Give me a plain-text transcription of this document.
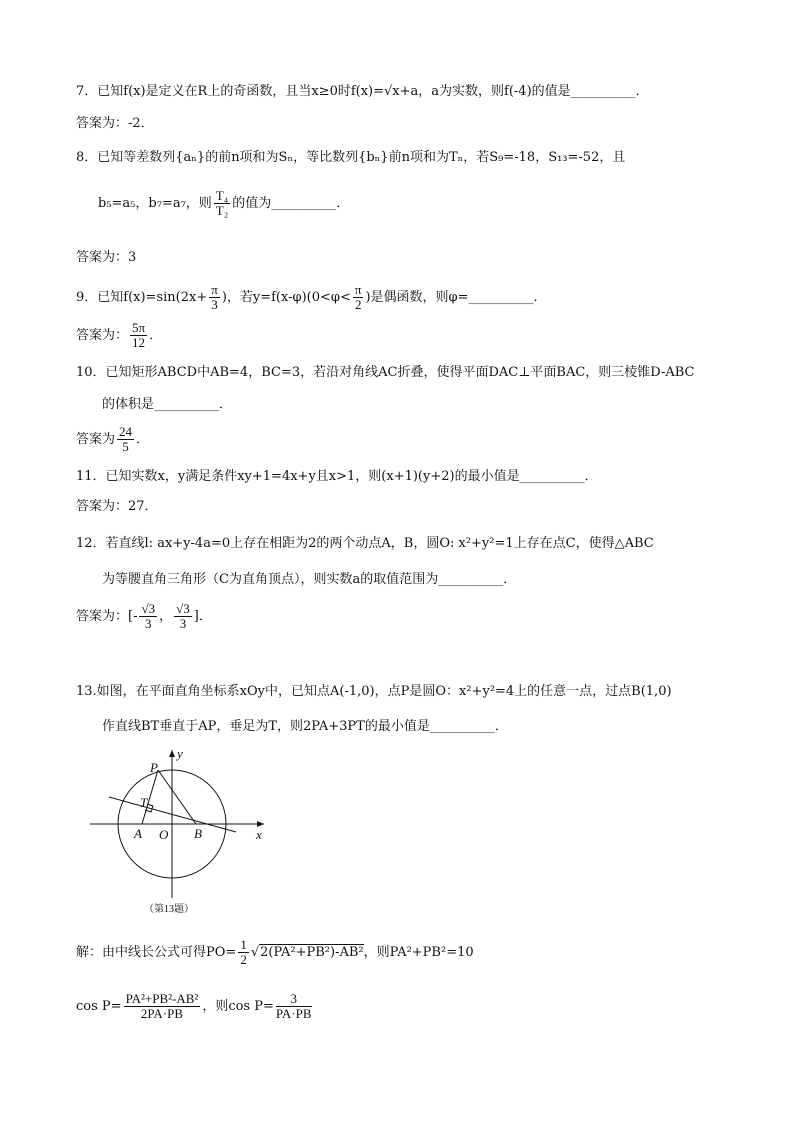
7．已知f(x)是定义在R上的奇函数，且当x≥0时f(x)=√x+a，a为实数，则f(-4)的值是__________．
答案为：-2．
8．已知等差数列{aₙ}的前n项和为Sₙ，等比数列{bₙ}前n项和为Tₙ，若S₉=-18，S₁₃=-52，且
b₅=a₅，b₇=a₇，则 $\frac{\text{T₄}}{\text{T₂}}$ 的值为__________．
答案为：3
9．已知$f(x)=\sin(2x+ \frac{\pi}{3}$ )，若$y=f(x-\varphi)(0<\varphi< \frac{\pi}{2}$ )是偶函数，则φ=__________．
答案为： $\frac{5\pi}{12}$ ．
10．已知矩形ABCD中AB=4，BC=3，若沿对角线AC折叠，使得平面DAC⊥平面BAC，则三棱锥D-ABC
的体积是__________．
答案为 $\frac{24}{5}$ ．
11．已知实数x，y满足条件xy+1=4x+y且x>1，则(x+1)(y+2)的最小值是__________．
答案为：27．
12．若直线l: ax+y-4a=0上存在相距为2的两个动点A，B，圆O: x²+y²=1上存在点C，使得△ABC
为等腰直角三角形（C为直角顶点），则实数a的取值范围为__________．
答案为：[- $\frac{√3}{3}$ ， $\frac{√3}{3}$ ]．
13.如图，在平面直角坐标系xOy中，已知点A(-1,0)，点P是圆O：x²+y²=4上的任意一点，过点B(1,0)
作直线BT垂直于AP，垂足为T，则2PA+3PT的最小值是__________．
P
y
T
A O B	x
（第13题）
解：由中线长公式可得$PO= \frac{1}{2} √2(PA^2+PB^2)-AB^2$，则PA²+PB²=10
$\cos P= \frac{\text{PA²+PB²-AB²}}{2PA\cdot PB}$ ，则$\cos P= \frac{3}{PA\cdot PB}$
